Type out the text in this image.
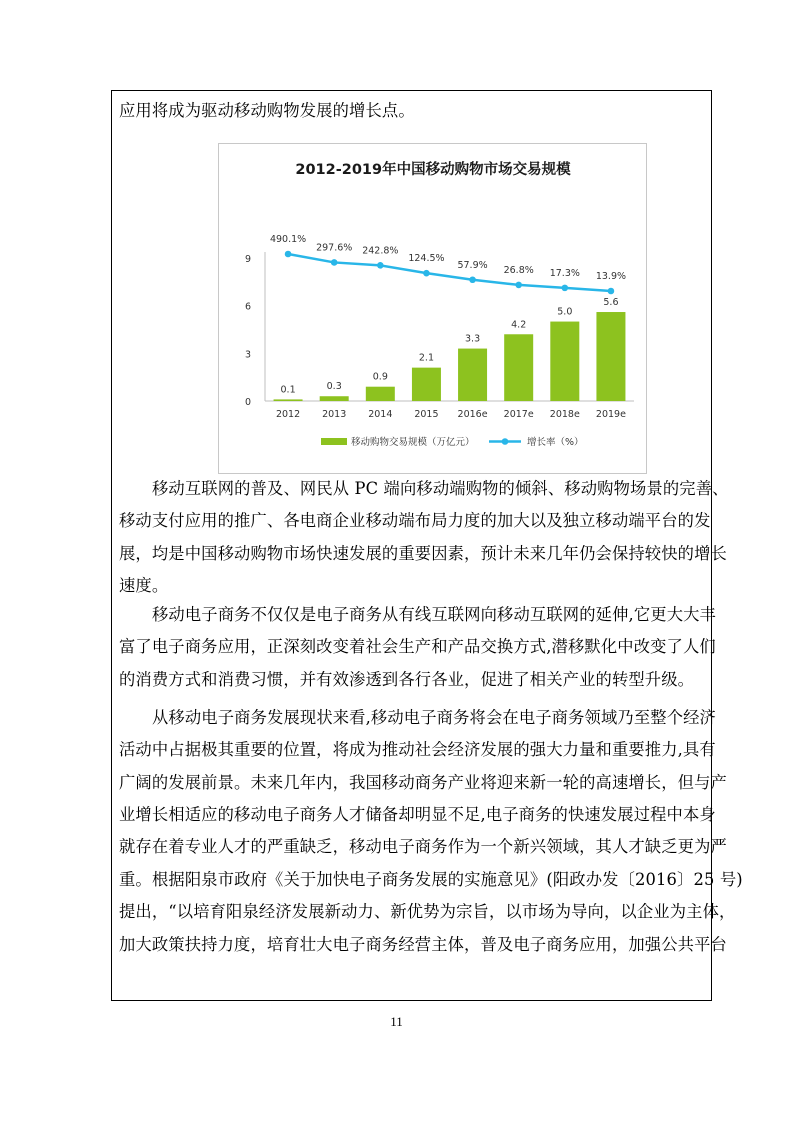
应用将成为驱动移动购物发展的增长点。
2012-2019年中国移动购物市场交易规模
0
3
6
9
0.1
2012
0.3
2013
0.9
2014
2.1
2015
3.3
2016e
4.2
2017e
5.0
2018e
5.6
2019e
490.1%
297.6% 242.8%
124.5%
57.9% 26.8% 17.3% 13.9%
移动购物交易规模（万亿元）	增长率（%）
移动互联网的普及、网民从 PC 端向移动端购物的倾斜、移动购物场景的完善、
移动支付应用的推广、各电商企业移动端布局力度的加大以及独立移动端平台的发
展，均是中国移动购物市场快速发展的重要因素，预计未来几年仍会保持较快的增长
速度。
移动电子商务不仅仅是电子商务从有线互联网向移动互联网的延伸,它更大大丰
富了电子商务应用，正深刻改变着社会生产和产品交换方式,潜移默化中改变了人们
的消费方式和消费习惯，并有效渗透到各行各业，促进了相关产业的转型升级。
从移动电子商务发展现状来看,移动电子商务将会在电子商务领域乃至整个经济
活动中占据极其重要的位置，将成为推动社会经济发展的强大力量和重要推力,具有
广阔的发展前景。未来几年内，我国移动商务产业将迎来新一轮的高速增长，但与产
业增长相适应的移动电子商务人才储备却明显不足,电子商务的快速发展过程中本身
就存在着专业人才的严重缺乏，移动电子商务作为一个新兴领域，其人才缺乏更为严
重。 根据阳泉市政府《关于加快电子商务发展的实施意见》(阳政办发〔2016〕25 号)
提出，“以培育阳泉经济发展新动力、新优势为宗旨，以市场为导向，以企业为主体，
加大政策扶持力度，培育壮大电子商务经营主体，普及电子商务应用，加强公共平台
11
